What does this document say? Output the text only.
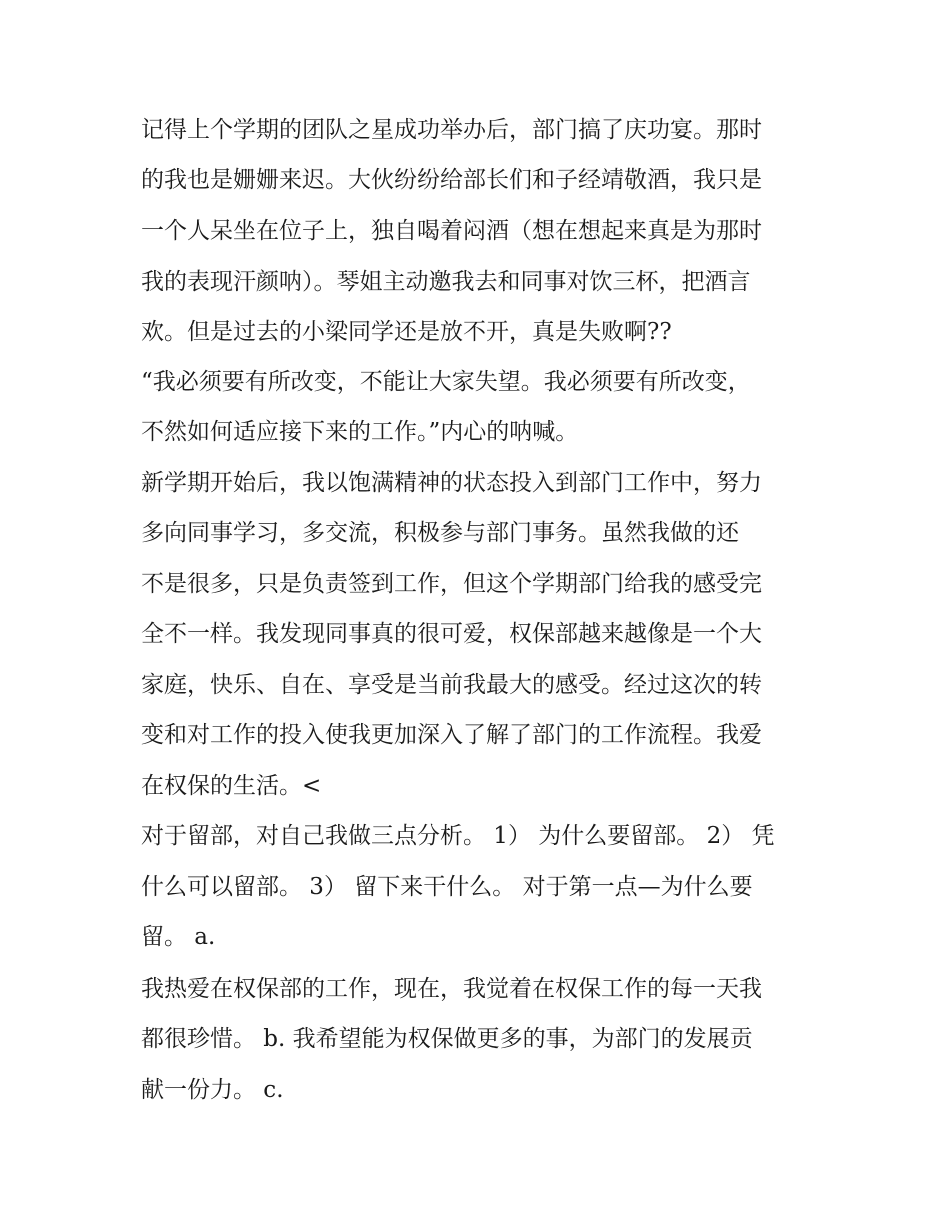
记得上个学期的团队之星成功举办后，部门搞了庆功宴。那时
的我也是姗姗来迟。大伙纷纷给部长们和子经靖敬酒，我只是
一个人呆坐在位子上，独自喝着闷酒（想在想起来真是为那时
我的表现汗颜呐）。琴姐主动邀我去和同事对饮三杯，把酒言
欢。但是过去的小梁同学还是放不开，真是失败啊??
“我必须要有所改变，不能让大家失望。我必须要有所改变，
不然如何适应接下来的工作。”内心的呐喊。
新学期开始后，我以饱满精神的状态投入到部门工作中，努力
多向同事学习，多交流，积极参与部门事务。虽然我做的还
不是很多，只是负责签到工作，但这个学期部门给我的感受完
全不一样。我发现同事真的很可爱，权保部越来越像是一个大
家庭，快乐、自在、享受是当前我最大的感受。经过这次的转
变和对工作的投入使我更加深入了解了部门的工作流程。我爱
在权保的生活。<
对于留部，对自己我做三点分析。 1） 为什么要留部。 2） 凭
什么可以留部。 3） 留下来干什么。 对于第一点—为什么要
留。 a.
我热爱在权保部的工作，现在，我觉着在权保工作的每一天我
都很珍惜。 b. 我希望能为权保做更多的事，为部门的发展贡
献一份力。 c.
